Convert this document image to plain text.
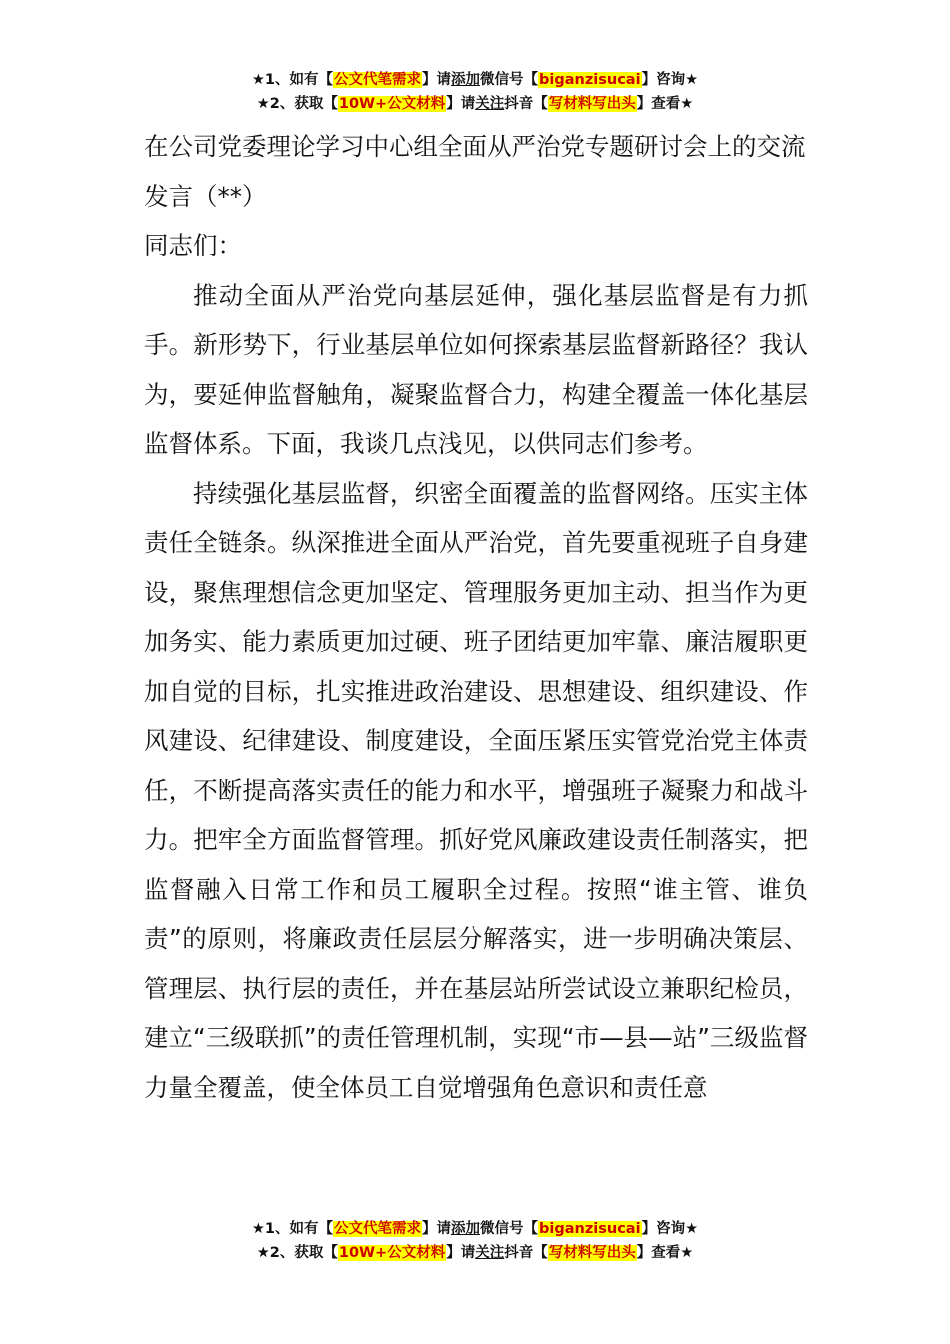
★1、如有【公文代笔需求】请添加微信号【biganzisucai】咨询★
★2、获取【10W+公文材料】请关注抖音【写材料写出头】查看★

在公司党委理论学习中心组全面从严治党专题研讨会上的交流发言（**）

同志们：

推动全面从严治党向基层延伸，强化基层监督是有力抓手。新形势下，行业基层单位如何探索基层监督新路径？我认为，要延伸监督触角，凝聚监督合力，构建全覆盖一体化基层监督体系。下面，我谈几点浅见，以供同志们参考。

持续强化基层监督，织密全面覆盖的监督网络。压实主体责任全链条。纵深推进全面从严治党，首先要重视班子自身建设，聚焦理想信念更加坚定、管理服务更加主动、担当作为更加务实、能力素质更加过硬、班子团结更加牢靠、廉洁履职更加自觉的目标，扎实推进政治建设、思想建设、组织建设、作风建设、纪律建设、制度建设，全面压紧压实管党治党主体责任，不断提高落实责任的能力和水平，增强班子凝聚力和战斗力。把牢全方面监督管理。抓好党风廉政建设责任制落实，把监督融入日常工作和员工履职全过程。按照“谁主管、谁负责”的原则，将廉政责任层层分解落实，进一步明确决策层、管理层、执行层的责任，并在基层站所尝试设立兼职纪检员，建立“三级联抓”的责任管理机制，实现“市—县—站”三级监督力量全覆盖，使全体员工自觉增强角色意识和责任意

★1、如有【公文代笔需求】请添加微信号【biganzisucai】咨询★
★2、获取【10W+公文材料】请关注抖音【写材料写出头】查看★
